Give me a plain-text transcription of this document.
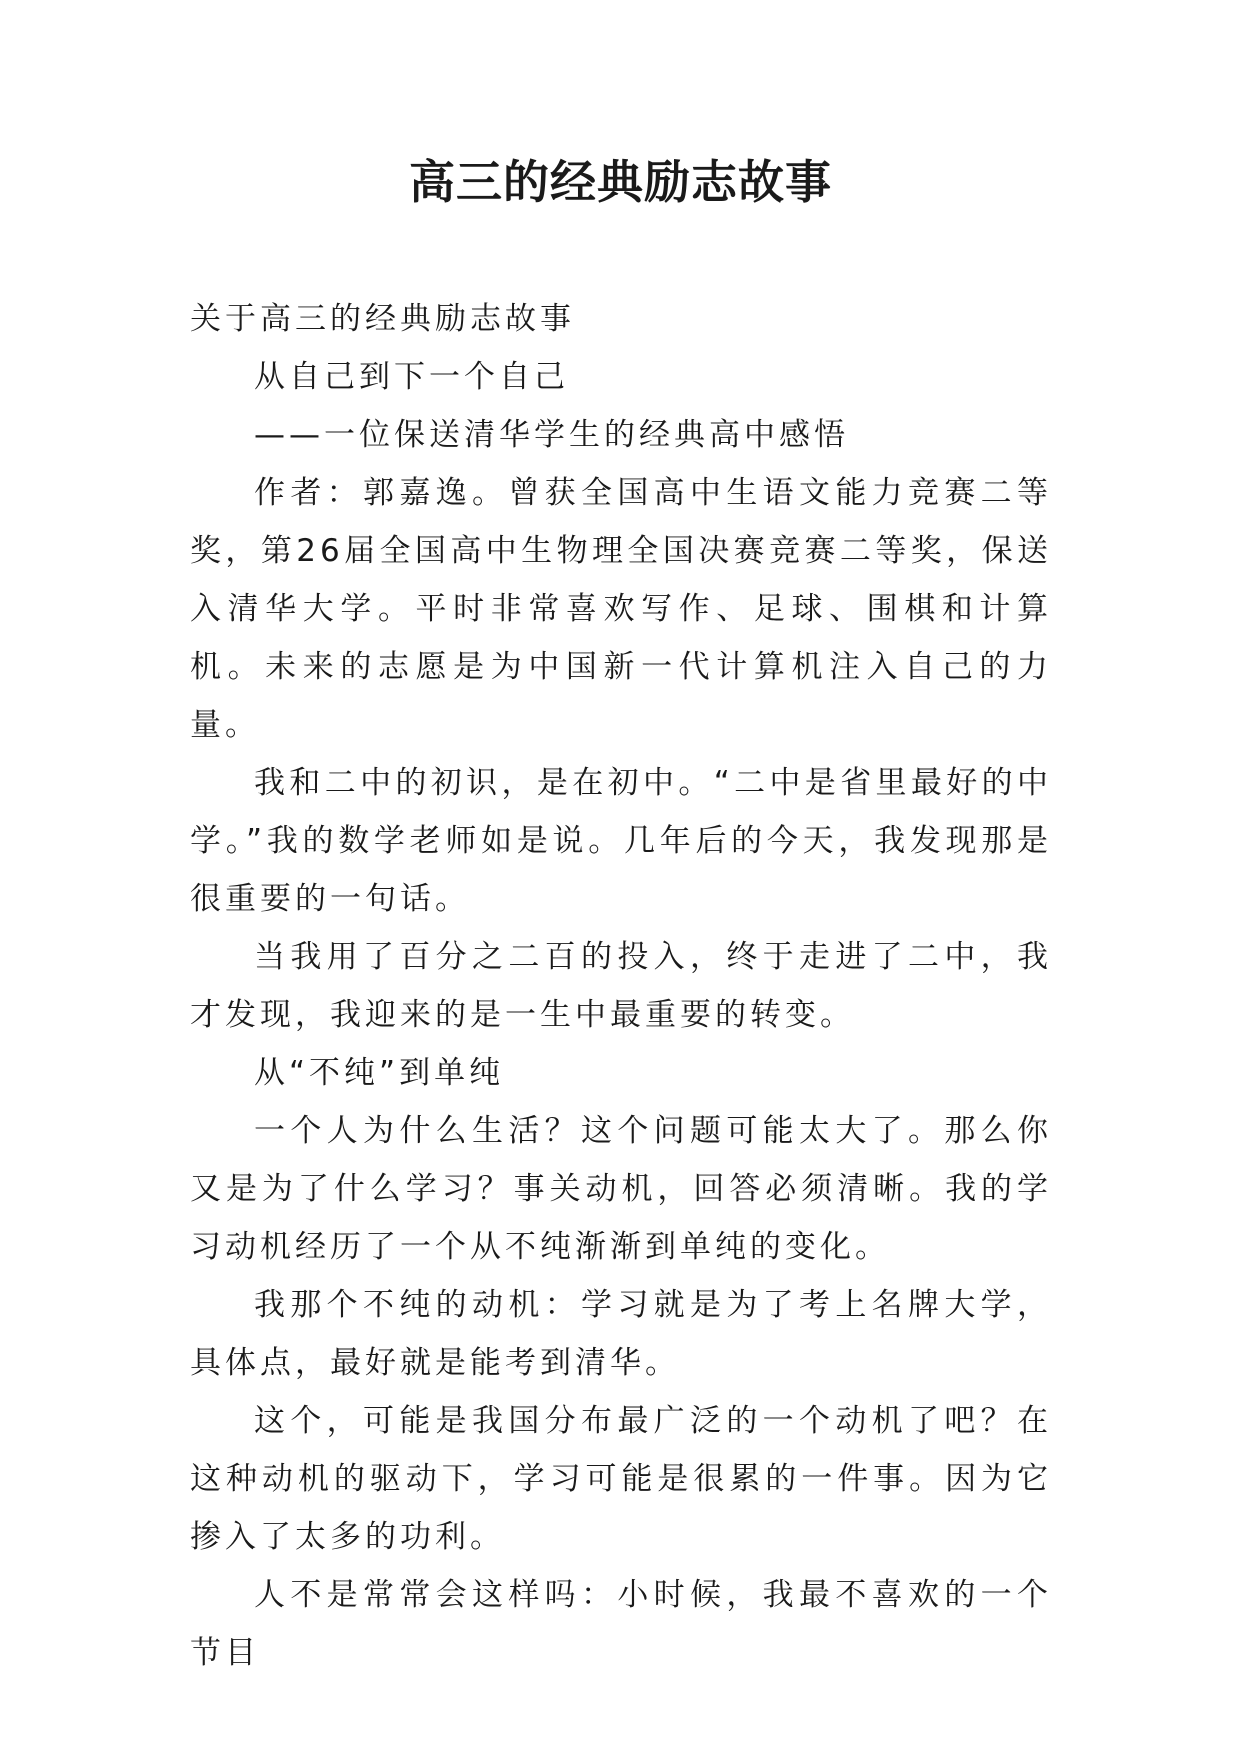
高三的经典励志故事

关于高三的经典励志故事

从自己到下一个自己

——一位保送清华学生的经典高中感悟

作者：郭嘉逸。曾获全国高中生语文能力竞赛二等奖，第26届全国高中生物理全国决赛竞赛二等奖，保送入清华大学。平时非常喜欢写作、足球、围棋和计算机。未来的志愿是为中国新一代计算机注入自己的力量。

我和二中的初识，是在初中。“二中是省里最好的中学。”我的数学老师如是说。几年后的今天，我发现那是很重要的一句话。

当我用了百分之二百的投入，终于走进了二中，我才发现，我迎来的是一生中最重要的转变。

从“不纯”到单纯

一个人为什么生活？这个问题可能太大了。那么你又是为了什么学习？事关动机，回答必须清晰。我的学习动机经历了一个从不纯渐渐到单纯的变化。

我那个不纯的动机：学习就是为了考上名牌大学，具体点，最好就是能考到清华。

这个，可能是我国分布最广泛的一个动机了吧？在这种动机的驱动下，学习可能是很累的一件事。因为它掺入了太多的功利。

人不是常常会这样吗：小时候，我最不喜欢的一个节目
